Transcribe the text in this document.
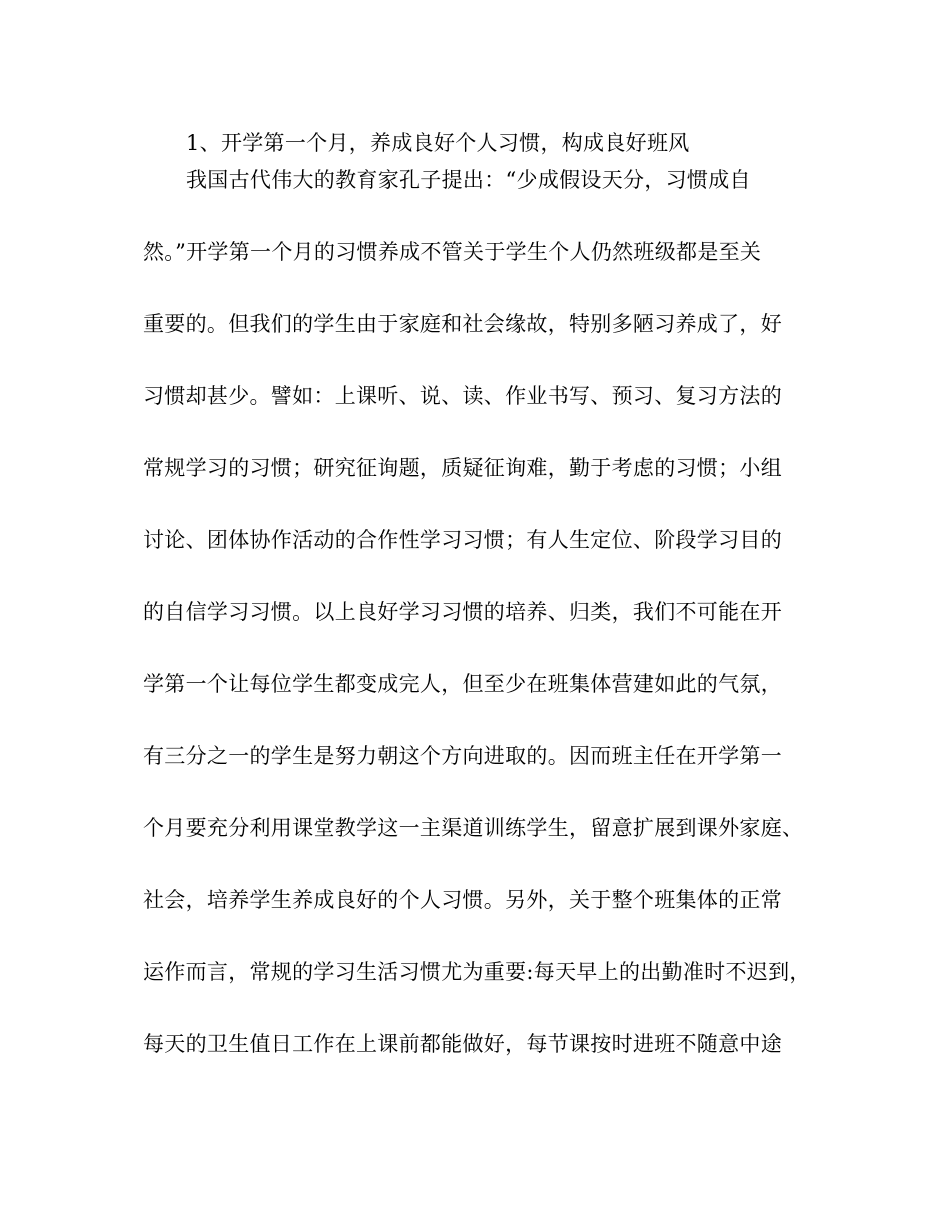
1、开学第一个月，养成良好个人习惯，构成良好班风
我国古代伟大的教育家孔子提出：“少成假设天分，习惯成自
然。”开学第一个月的习惯养成不管关于学生个人仍然班级都是至关
重要的。但我们的学生由于家庭和社会缘故，特别多陋习养成了，好
习惯却甚少。譬如：上课听、说、读、作业书写、预习、复习方法的
常规学习的习惯；研究征询题，质疑征询难，勤于考虑的习惯；小组
讨论、团体协作活动的合作性学习习惯；有人生定位、阶段学习目的
的自信学习习惯。以上良好学习习惯的培养、归类，我们不可能在开
学第一个让每位学生都变成完人，但至少在班集体营建如此的气氛，
有三分之一的学生是努力朝这个方向进取的。因而班主任在开学第一
个月要充分利用课堂教学这一主渠道训练学生，留意扩展到课外家庭、
社会，培养学生养成良好的个人习惯。另外，关于整个班集体的正常
运作而言，常规的学习生活习惯尤为重要:每天早上的出勤准时不迟到，
每天的卫生值日工作在上课前都能做好，每节课按时进班不随意中途
